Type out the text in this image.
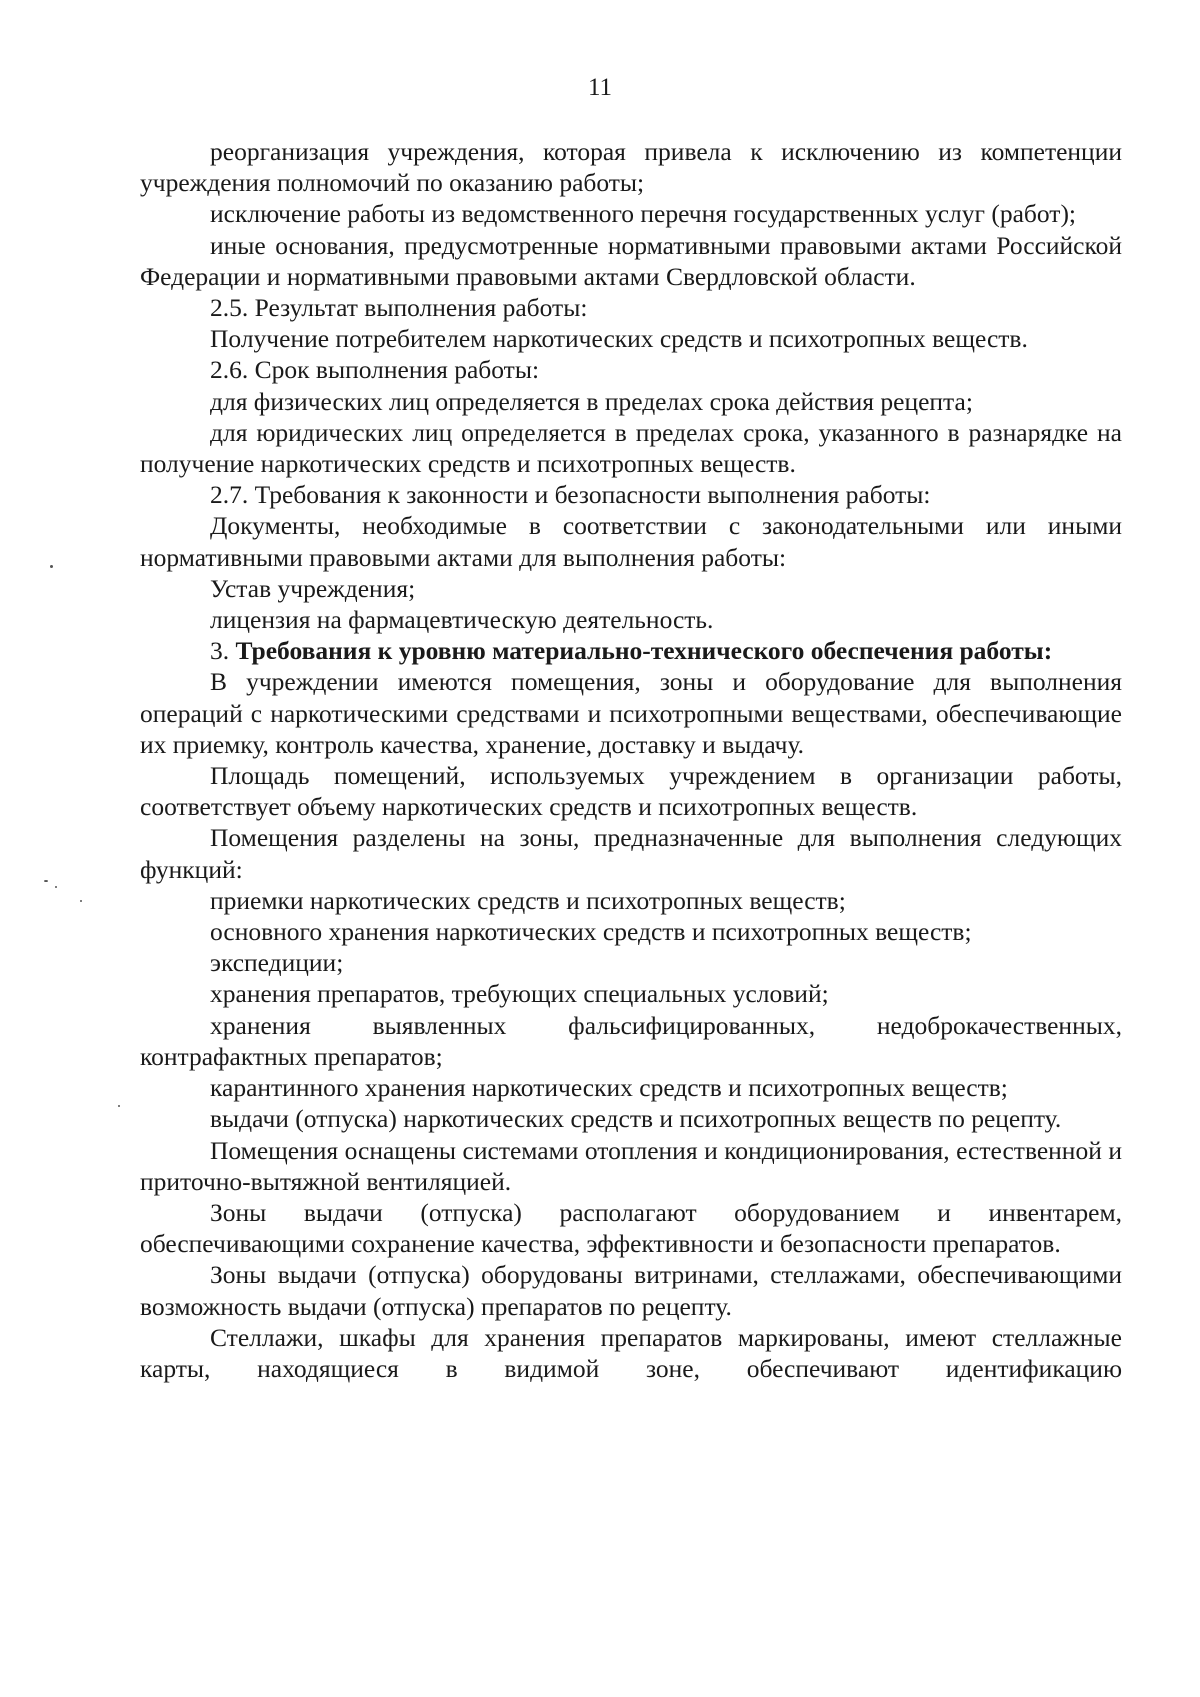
11

реорганизация учреждения, которая привела к исключению из компетенции учреждения полномочий по оказанию работы;

исключение работы из ведомственного перечня государственных услуг (работ);

иные основания, предусмотренные нормативными правовыми актами Российской Федерации и нормативными правовыми актами Свердловской области.

2.5. Результат выполнения работы:

Получение потребителем наркотических средств и психотропных веществ.

2.6. Срок выполнения работы:

для физических лиц определяется в пределах срока действия рецепта;

для юридических лиц определяется в пределах срока, указанного в разнарядке на получение наркотических средств и психотропных веществ.

2.7. Требования к законности и безопасности выполнения работы:

Документы, необходимые в соответствии с законодательными или иными нормативными правовыми актами для выполнения работы:

Устав учреждения;

лицензия на фармацевтическую деятельность.

3. Требования к уровню материально-технического обеспечения работы:

В учреждении имеются помещения, зоны и оборудование для выполнения операций с наркотическими средствами и психотропными веществами, обеспечивающие их приемку, контроль качества, хранение, доставку и выдачу.

Площадь помещений, используемых учреждением в организации работы, соответствует объему наркотических средств и психотропных веществ.

Помещения разделены на зоны, предназначенные для выполнения следующих функций:

приемки наркотических средств и психотропных веществ;

основного хранения наркотических средств и психотропных веществ;

экспедиции;

хранения препаратов, требующих специальных условий;

хранения выявленных фальсифицированных, недоброкачественных, контрафактных препаратов;

карантинного хранения наркотических средств и психотропных веществ;

выдачи (отпуска) наркотических средств и психотропных веществ по рецепту.

Помещения оснащены системами отопления и кондиционирования, естественной и приточно-вытяжной вентиляцией.

Зоны выдачи (отпуска) располагают оборудованием и инвентарем, обеспечивающими сохранение качества, эффективности и безопасности препаратов.

Зоны выдачи (отпуска) оборудованы витринами, стеллажами, обеспечивающими возможность выдачи (отпуска) препаратов по рецепту.

Стеллажи, шкафы для хранения препаратов маркированы, имеют стеллажные карты, находящиеся в видимой зоне, обеспечивают идентификацию
